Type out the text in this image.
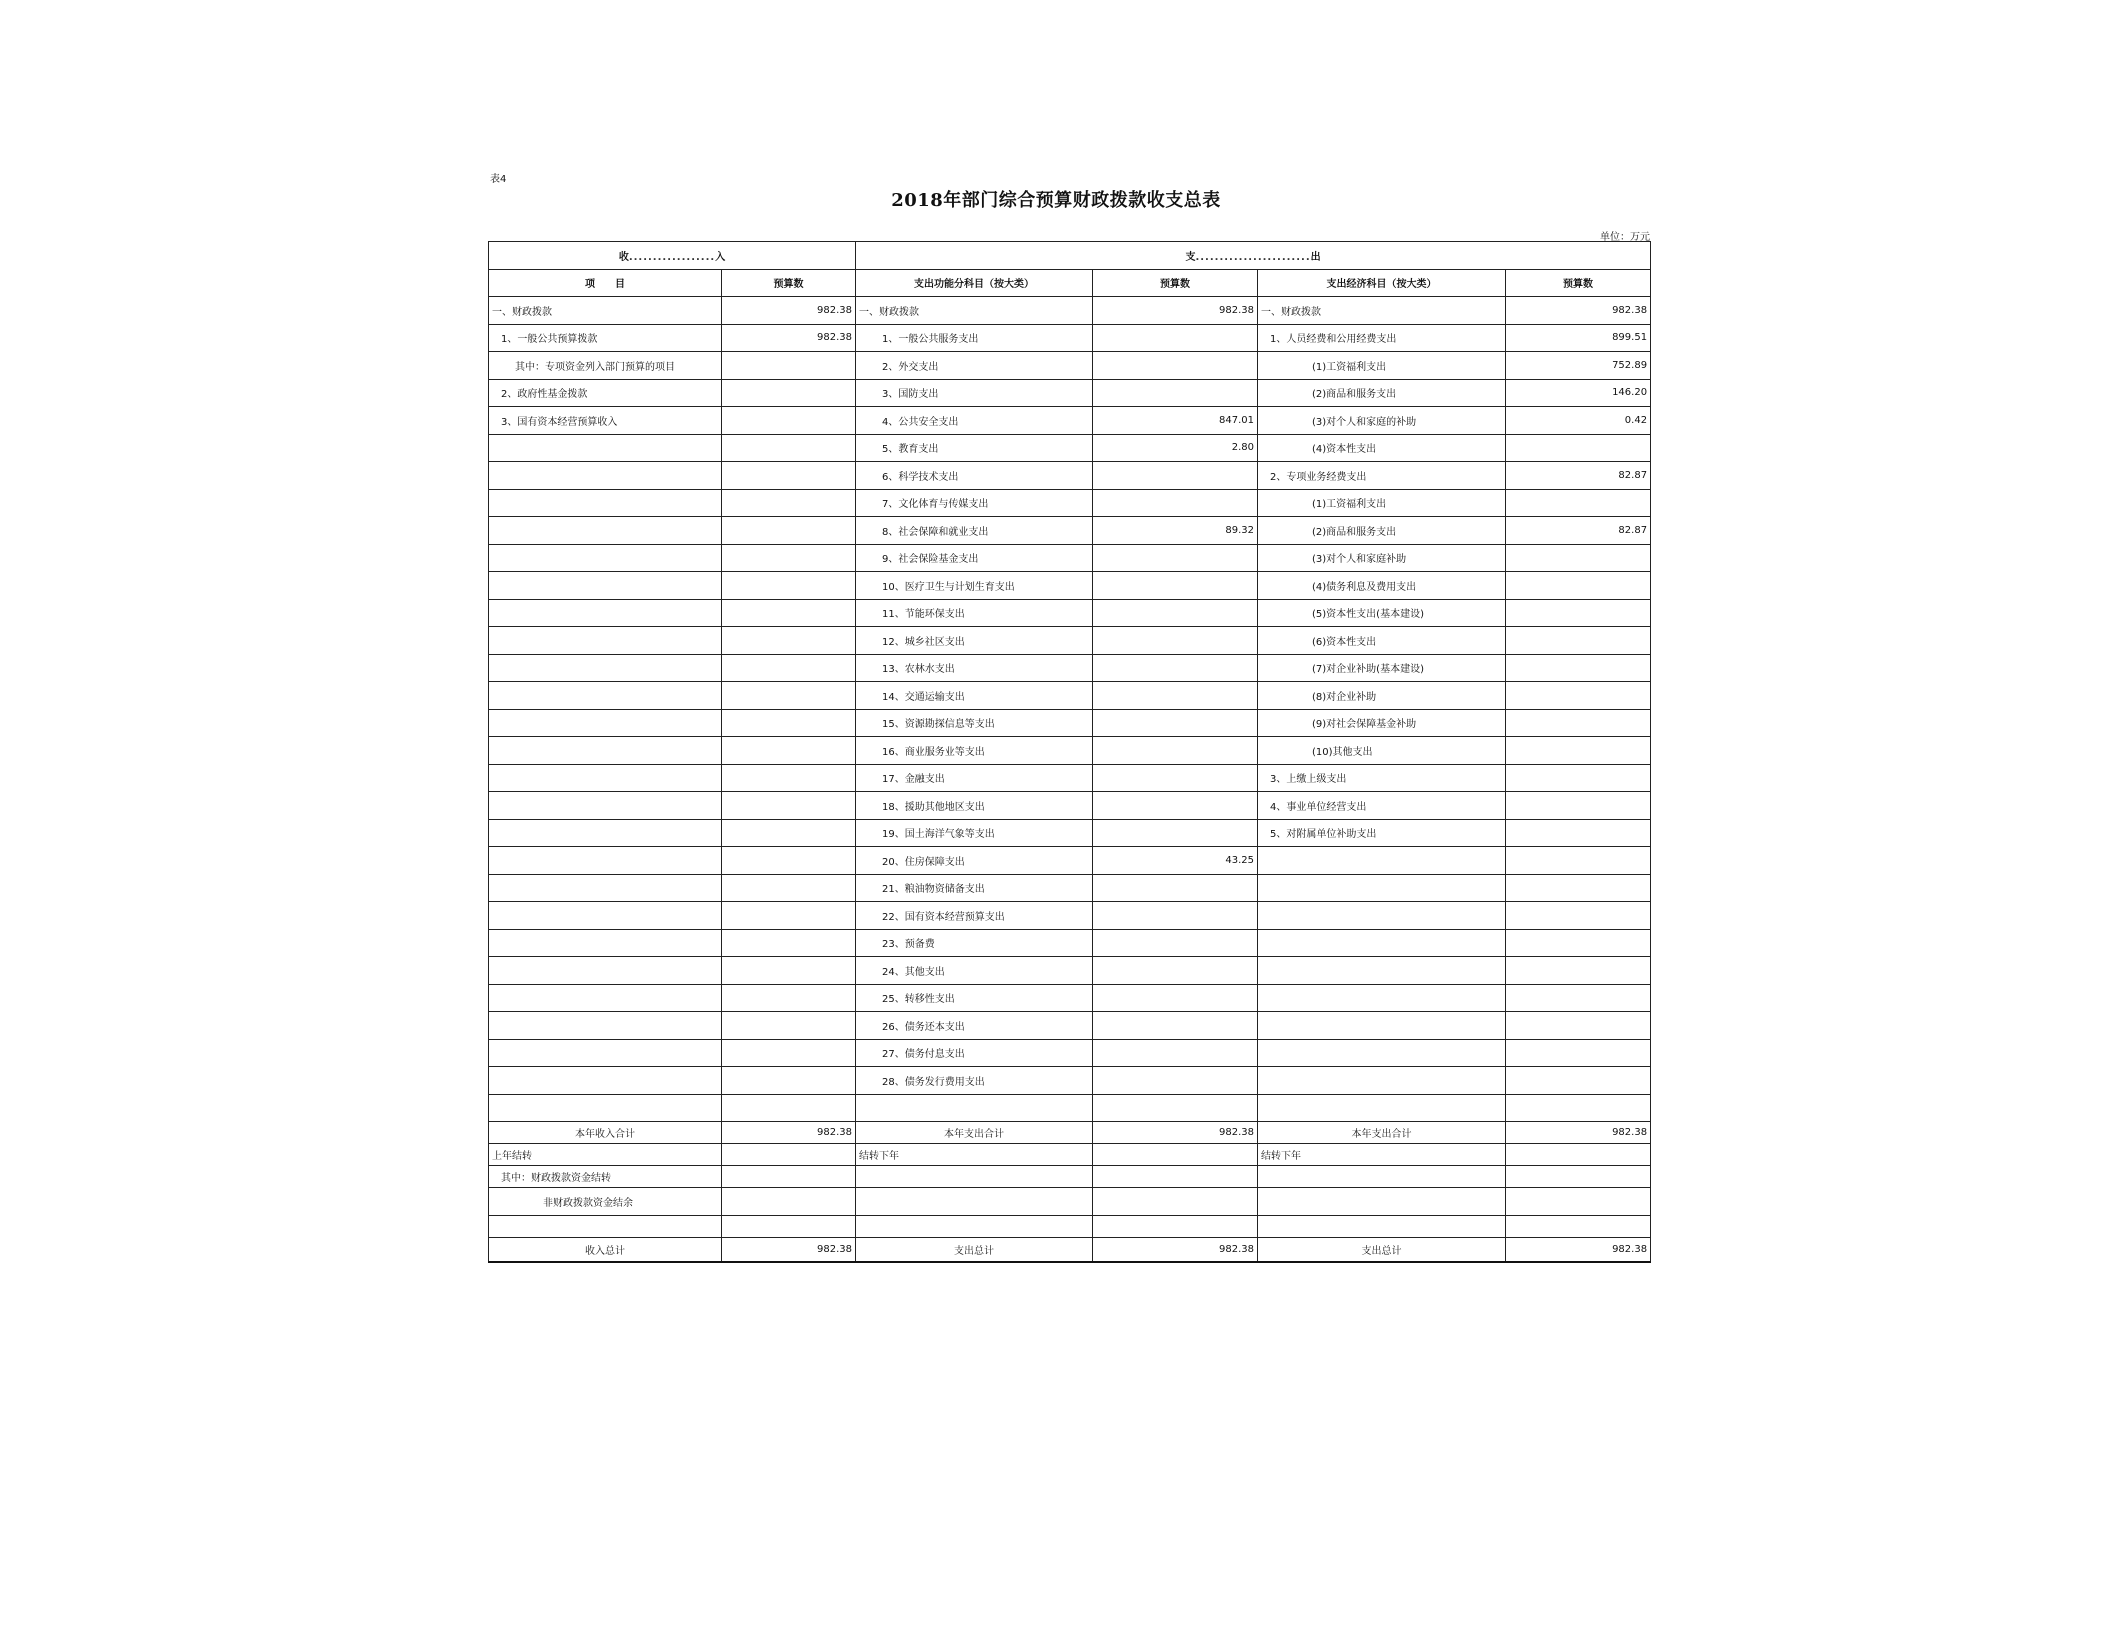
表4
2018年部门综合预算财政拨款收支总表
单位：万元
收..................入		支........................出			
项　　目	预算数	支出功能分科目（按大类）	预算数	支出经济科目（按大类）	预算数
一、财政拨款	982.38	一、财政拨款	982.38	一、财政拨款	982.38
1、一般公共预算拨款	982.38	1、一般公共服务支出		1、人员经费和公用经费支出	899.51
其中：专项资金列入部门预算的项目		2、外交支出		(1)工资福利支出	752.89
2、政府性基金拨款		3、国防支出		(2)商品和服务支出	146.20
3、国有资本经营预算收入		4、公共安全支出	847.01	(3)对个人和家庭的补助	0.42
		5、教育支出	2.80	(4)资本性支出	
		6、科学技术支出		2、专项业务经费支出	82.87
		7、文化体育与传媒支出		(1)工资福利支出	
		8、社会保障和就业支出	89.32	(2)商品和服务支出	82.87
		9、社会保险基金支出		(3)对个人和家庭补助	
		10、医疗卫生与计划生育支出		(4)债务利息及费用支出	
		11、节能环保支出		(5)资本性支出(基本建设)	
		12、城乡社区支出		(6)资本性支出	
		13、农林水支出		(7)对企业补助(基本建设)	
		14、交通运输支出		(8)对企业补助	
		15、资源勘探信息等支出		(9)对社会保障基金补助	
		16、商业服务业等支出		(10)其他支出	
		17、金融支出		3、上缴上级支出	
		18、援助其他地区支出		4、事业单位经营支出	
		19、国土海洋气象等支出		5、对附属单位补助支出	
		20、住房保障支出	43.25		
		21、粮油物资储备支出			
		22、国有资本经营预算支出			
		23、预备费			
		24、其他支出			
		25、转移性支出			
		26、债务还本支出			
		27、债务付息支出			
		28、债务发行费用支出			

本年收入合计	982.38	本年支出合计	982.38	本年支出合计	982.38
上年结转		结转下年		结转下年	
其中：财政拨款资金结转					
非财政拨款资金结余					

收入总计	982.38	支出总计	982.38	支出总计	982.38
